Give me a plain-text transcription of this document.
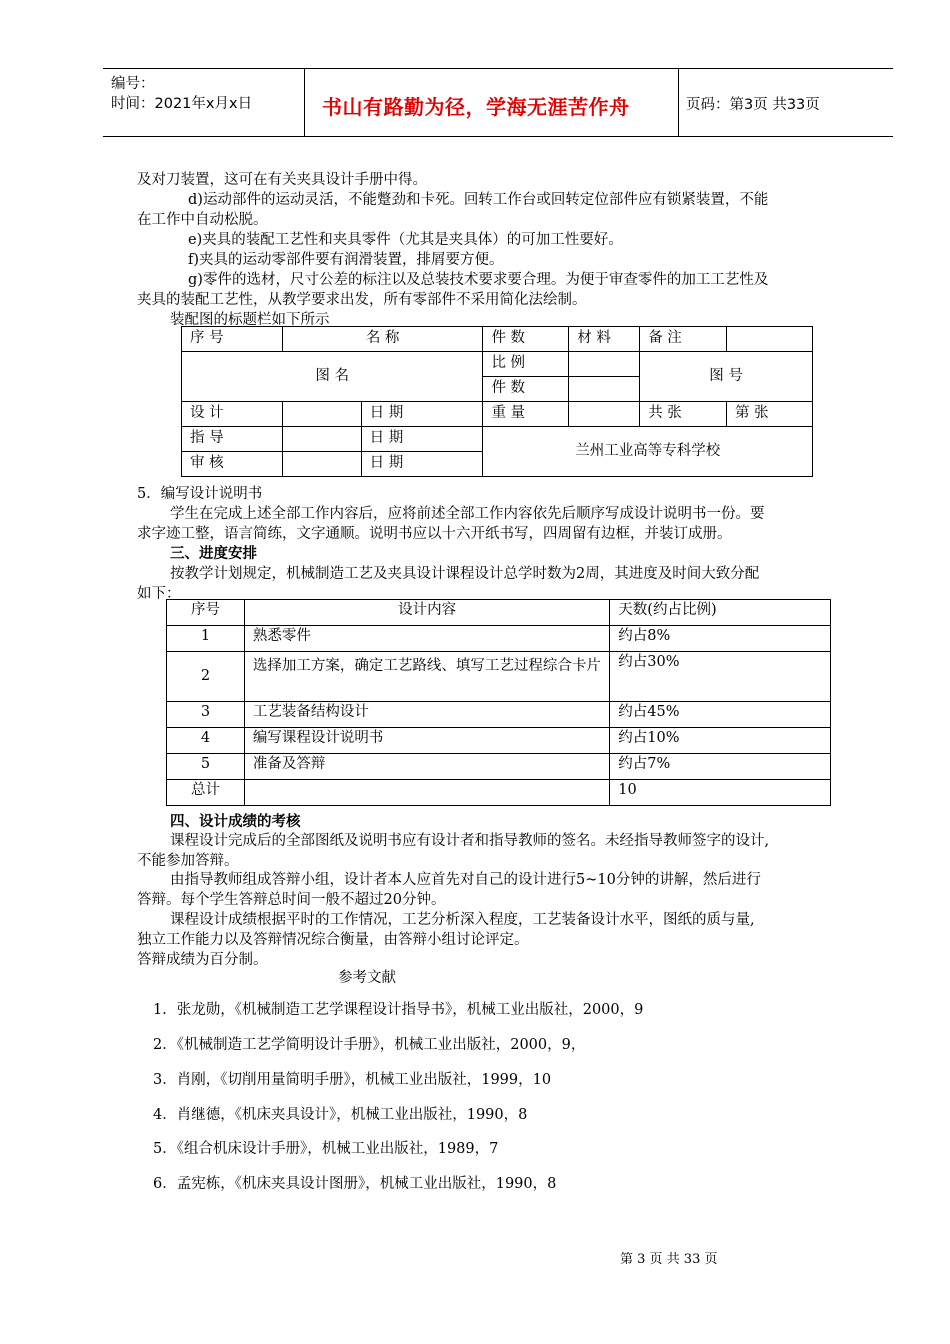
编号：
时间：2021年x月x日	书山有路勤为径，学海无涯苦作舟	页码：第3页 共33页
及对刀装置，这可在有关夹具设计手册中得。
d)运动部件的运动灵活，不能蹩劲和卡死。回转工作台或回转定位部件应有锁紧装置，不能
在工作中自动松脱。
e)夹具的装配工艺性和夹具零件（尤其是夹具体）的可加工性要好。
f)夹具的运动零部件要有润滑装置，排屑要方便。
g)零件的选材，尺寸公差的标注以及总装技术要求要合理。为便于审查零件的加工工艺性及
夹具的装配工艺性，从教学要求出发，所有零部件不采用简化法绘制。
装配图的标题栏如下所示
序 号	名 称		件 数	材 料	备 注	
图 名			比 例		图 号	
			件 数			
设 计		日 期	重 量		共 张	第 张
指 导		日 期	兰州工业高等专科学校			
审 核		日 期				
5．编写设计说明书
学生在完成上述全部工作内容后，应将前述全部工作内容依先后顺序写成设计说明书一份。要
求字迹工整，语言简练，文字通顺。说明书应以十六开纸书写，四周留有边框，并装订成册。
三、进度安排
按教学计划规定，机械制造工艺及夹具设计课程设计总学时数为2周，其进度及时间大致分配
如下：
序号	设计内容	天数(约占比例)
1	熟悉零件	约占8%
2	选择加工方案，确定工艺路线、填写工艺过程综合卡片	约占30%
3	工艺装备结构设计	约占45%
4	编写课程设计说明书	约占10%
5	准备及答辩	约占7%
总计		10
四、设计成绩的考核
课程设计完成后的全部图纸及说明书应有设计者和指导教师的签名。未经指导教师签字的设计,
不能参加答辩。
由指导教师组成答辩小组，设计者本人应首先对自己的设计进行5~10分钟的讲解，然后进行
答辩。每个学生答辩总时间一般不超过20分钟。
课程设计成绩根据平时的工作情况，工艺分析深入程度，工艺装备设计水平，图纸的质与量,
独立工作能力以及答辩情况综合衡量，由答辩小组讨论评定。
答辩成绩为百分制。
参考文献
1．张龙勋，《机械制造工艺学课程设计指导书》，机械工业出版社，2000，9
2．《机械制造工艺学简明设计手册》，机械工业出版社，2000，9，
3．肖刚，《切削用量简明手册》，机械工业出版社，1999，10
4．肖继德，《机床夹具设计》，机械工业出版社，1990，8
5．《组合机床设计手册》，机械工业出版社，1989，7
6．孟宪栋，《机床夹具设计图册》，机械工业出版社，1990，8
第 3 页 共 33 页
